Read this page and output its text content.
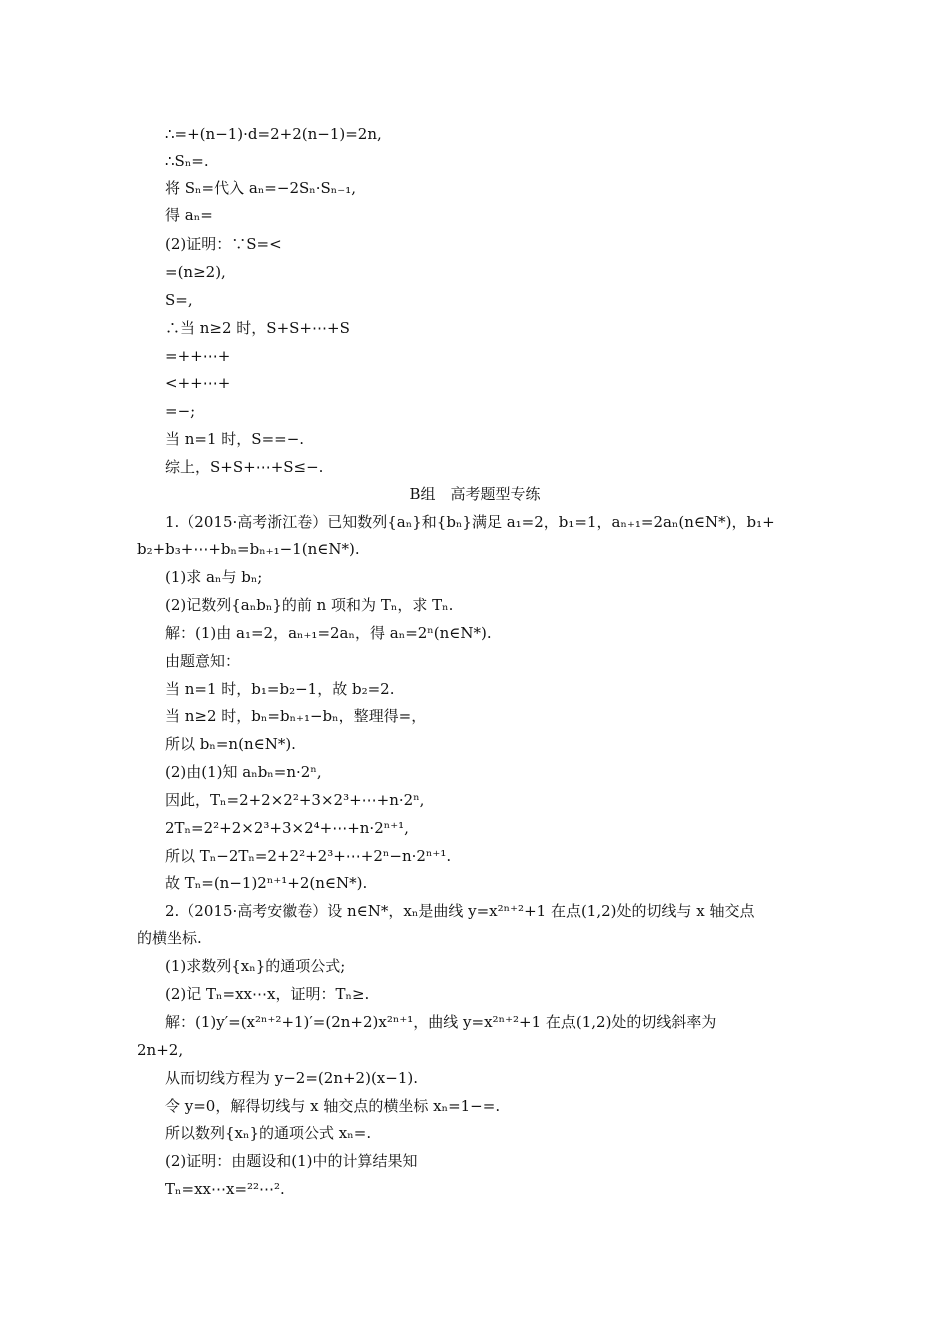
∴=+(n−1)·d=2+2(n−1)=2n,
∴Sₙ=.
将 Sₙ=代入 aₙ=−2Sₙ·Sₙ₋₁,
得 aₙ=
(2)证明：∵S=<
=(n≥2),
S=,
∴当 n≥2 时，S+S+⋯+S
=++⋯+
<++⋯+
=−;
当 n=1 时，S==−.
综上，S+S+⋯+S≤−.
B组　高考题型专练
1.（2015·高考浙江卷）已知数列{aₙ}和{bₙ}满足 a₁=2，b₁=1，aₙ₊₁=2aₙ(n∈N*)，b₁+
b₂+b₃+⋯+bₙ=bₙ₊₁−1(n∈N*).
(1)求 aₙ与 bₙ;
(2)记数列{aₙbₙ}的前 n 项和为 Tₙ，求 Tₙ.
解：(1)由 a₁=2，aₙ₊₁=2aₙ，得 aₙ=2ⁿ(n∈N*).
由题意知：
当 n=1 时，b₁=b₂−1，故 b₂=2.
当 n≥2 时，bₙ=bₙ₊₁−bₙ，整理得=，
所以 bₙ=n(n∈N*).
(2)由(1)知 aₙbₙ=n·2ⁿ,
因此，Tₙ=2+2×2²+3×2³+⋯+n·2ⁿ,
2Tₙ=2²+2×2³+3×2⁴+⋯+n·2ⁿ⁺¹,
所以 Tₙ−2Tₙ=2+2²+2³+⋯+2ⁿ−n·2ⁿ⁺¹.
故 Tₙ=(n−1)2ⁿ⁺¹+2(n∈N*).
2.（2015·高考安徽卷）设 n∈N*，xₙ是曲线 y=x²ⁿ⁺²+1 在点(1,2)处的切线与 x 轴交点
的横坐标.
(1)求数列{xₙ}的通项公式;
(2)记 Tₙ=xx⋯x，证明：Tₙ≥.
解：(1)y′=(x²ⁿ⁺²+1)′=(2n+2)x²ⁿ⁺¹，曲线 y=x²ⁿ⁺²+1 在点(1,2)处的切线斜率为
2n+2,
从而切线方程为 y−2=(2n+2)(x−1).
令 y=0，解得切线与 x 轴交点的横坐标 xₙ=1−=.
所以数列{xₙ}的通项公式 xₙ=.
(2)证明：由题设和(1)中的计算结果知
Tₙ=xx⋯x=²²⋯².
